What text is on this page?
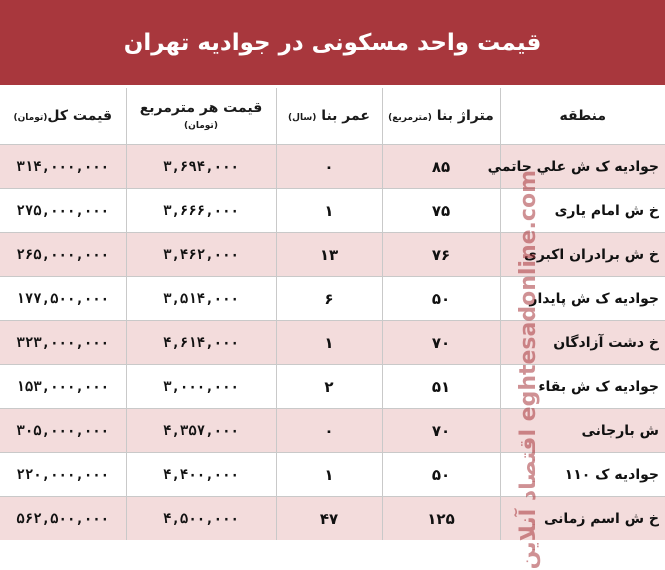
قیمت واحد مسکونی در جوادیه تهران
منطقه	متراژ بنا (مترمربع)	عمر بنا (سال)	قیمت هر مترمربع (تومان)	قیمت کل(تومان)
جوادیه ک ش علي حاتمي	۸۵	۰	۳,۶۹۴,۰۰۰	۳۱۴,۰۰۰,۰۰۰
خ ش امام یاری	۷۵	۱	۳,۶۶۶,۰۰۰	۲۷۵,۰۰۰,۰۰۰
خ ش برادران اکبری	۷۶	۱۳	۳,۴۶۲,۰۰۰	۲۶۵,۰۰۰,۰۰۰
جوادیه ک ش پایدار	۵۰	۶	۳,۵۱۴,۰۰۰	۱۷۷,۵۰۰,۰۰۰
خ دشت آزادگان	۷۰	۱	۴,۶۱۴,۰۰۰	۳۲۳,۰۰۰,۰۰۰
جوادیه ک ش بقاء	۵۱	۲	۳,۰۰۰,۰۰۰	۱۵۳,۰۰۰,۰۰۰
ش بارجانی	۷۰	۰	۴,۳۵۷,۰۰۰	۳۰۵,۰۰۰,۰۰۰
جوادیه ک ۱۱۰	۵۰	۱	۴,۴۰۰,۰۰۰	۲۲۰,۰۰۰,۰۰۰
خ ش اسم زمانی	۱۲۵	۴۷	۴,۵۰۰,۰۰۰	۵۶۲,۵۰۰,۰۰۰	اقتصاد آنلاین eghtesadonline.com
